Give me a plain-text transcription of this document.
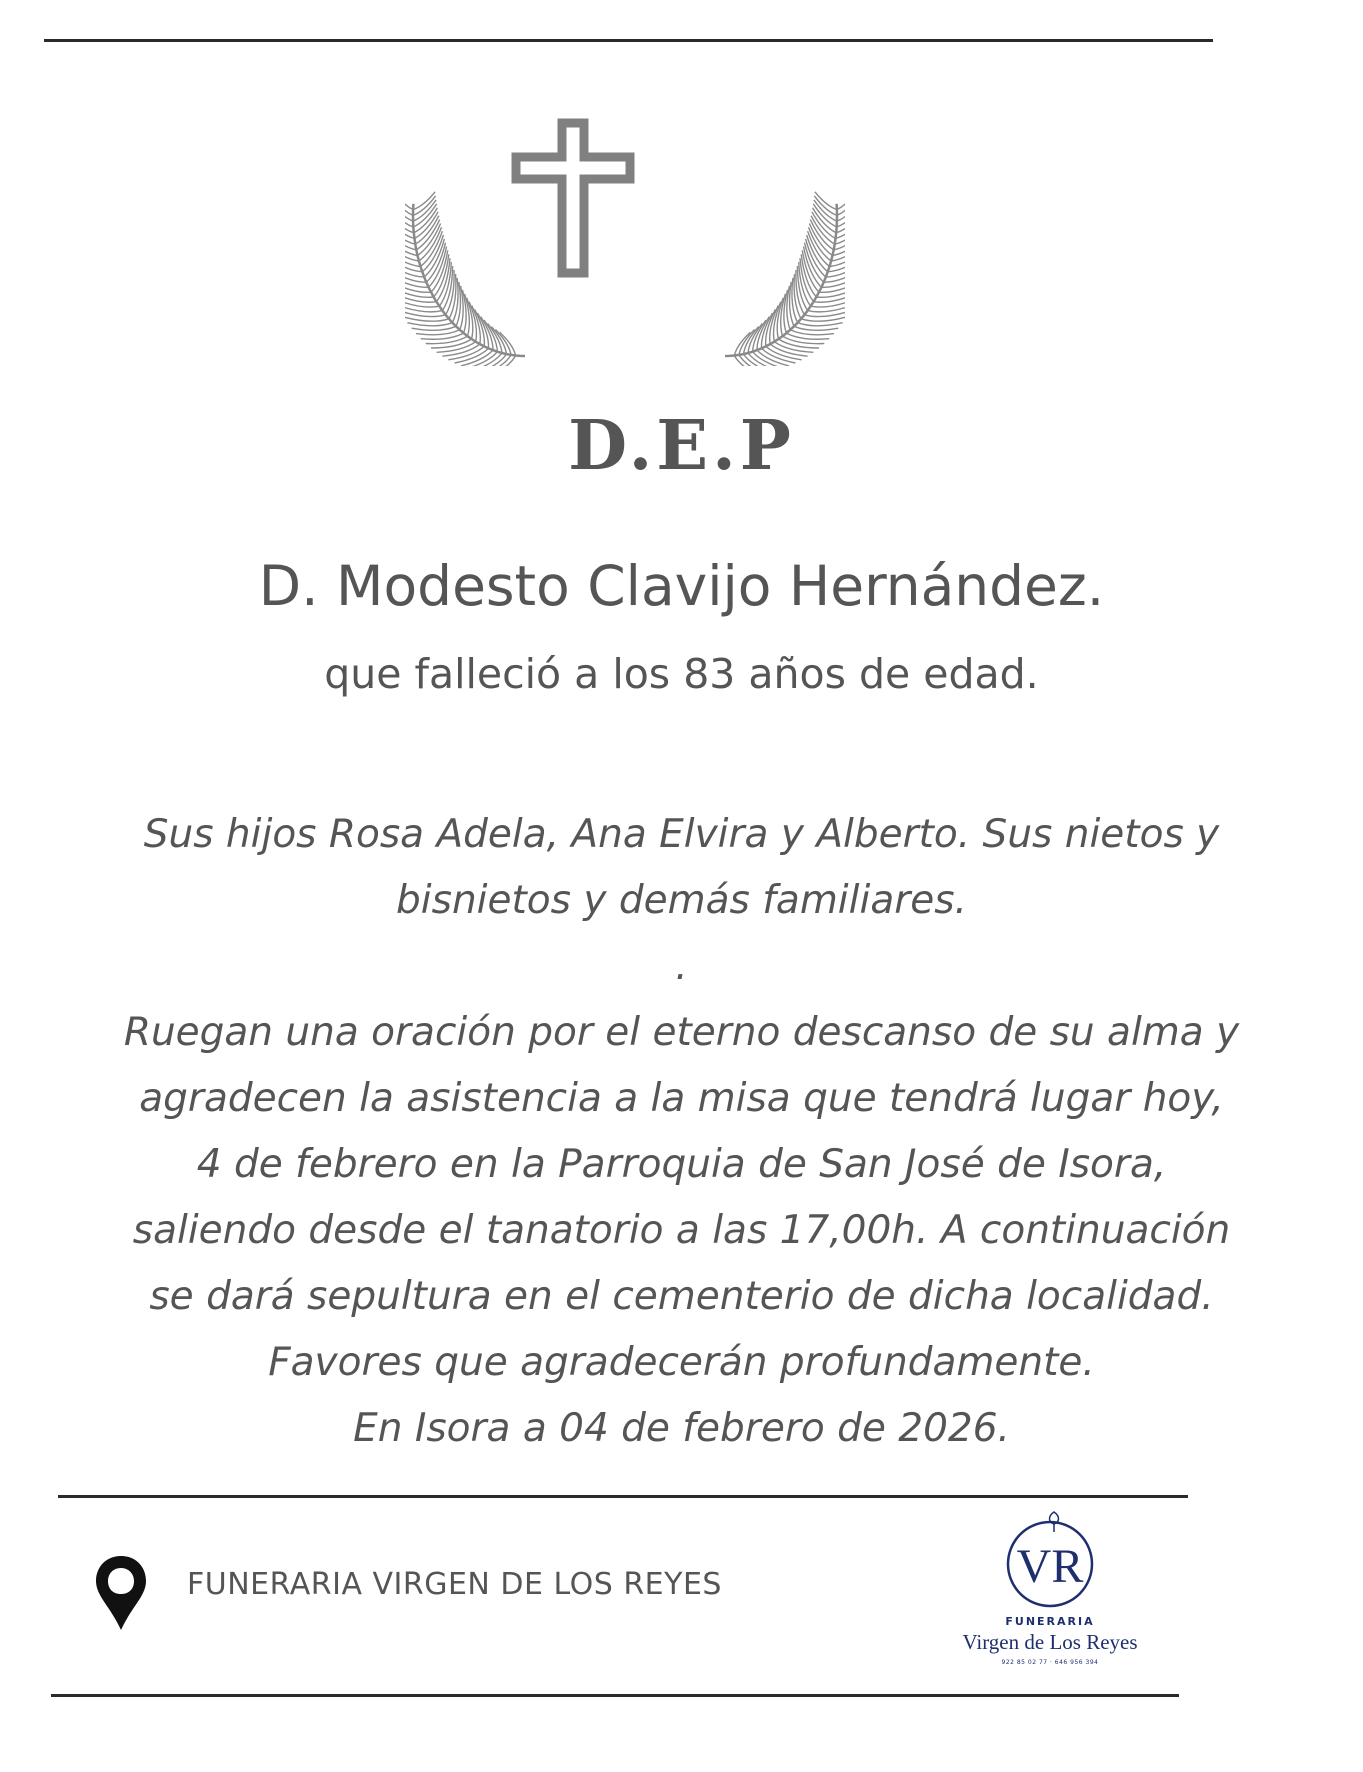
D.E.P
D. Modesto Clavijo Hernández.
que falleció a los 83 años de edad.
Sus hijos Rosa Adela, Ana Elvira y Alberto. Sus nietos y
bisnietos y demás familiares.
.
Ruegan una oración por el eterno descanso de su alma y
agradecen la asistencia a la misa que tendrá lugar hoy,
4 de febrero en la Parroquia de San José de Isora,
saliendo desde el tanatorio a las 17,00h. A continuación
se dará sepultura en el cementerio de dicha localidad.
Favores que agradecerán profundamente.
En Isora a 04 de febrero de 2026.
FUNERARIA VIRGEN DE LOS REYES	VR
FUNERARIA
Virgen de Los Reyes
922 85 02 77 · 646 956 394
